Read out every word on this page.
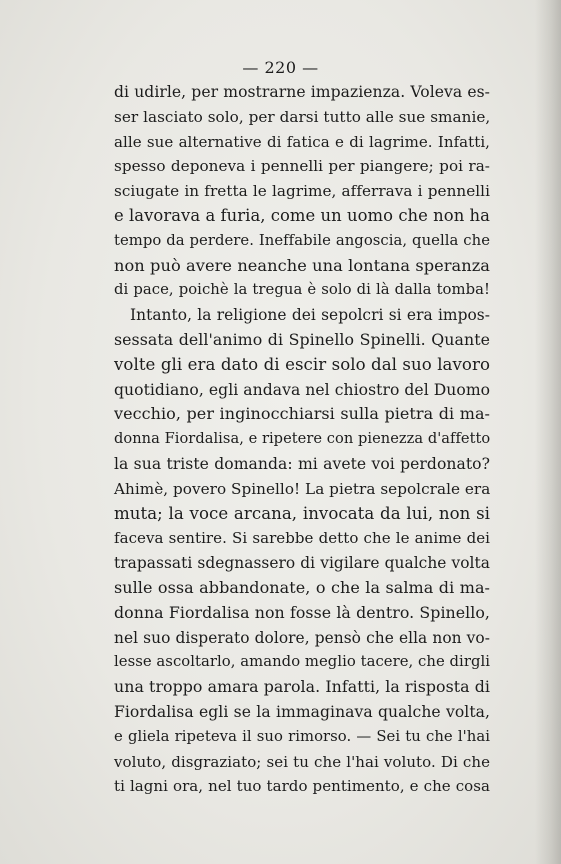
— 220 —
di udirle, per mostrarne impazienza. Voleva es-
ser lasciato solo, per darsi tutto alle sue smanie,
alle sue alternative di fatica e di lagrime. Infatti,
spesso deponeva i pennelli per piangere; poi ra-
sciugate in fretta le lagrime, afferrava i pennelli
e lavorava a furia, come un uomo che non ha
tempo da perdere. Ineffabile angoscia, quella che
non può avere neanche una lontana speranza
di pace, poichè la tregua è solo di là dalla tomba!
Intanto, la religione dei sepolcri si era impos-
sessata dell'animo di Spinello Spinelli. Quante
volte gli era dato di escir solo dal suo lavoro
quotidiano, egli andava nel chiostro del Duomo
vecchio, per inginocchiarsi sulla pietra di ma-
donna Fiordalisa, e ripetere con pienezza d'affetto
la sua triste domanda: mi avete voi perdonato?
Ahimè, povero Spinello! La pietra sepolcrale era
muta; la voce arcana, invocata da lui, non si
faceva sentire. Si sarebbe detto che le anime dei
trapassati sdegnassero di vigilare qualche volta
sulle ossa abbandonate, o che la salma di ma-
donna Fiordalisa non fosse là dentro. Spinello,
nel suo disperato dolore, pensò che ella non vo-
lesse ascoltarlo, amando meglio tacere, che dirgli
una troppo amara parola. Infatti, la risposta di
Fiordalisa egli se la immaginava qualche volta,
e gliela ripeteva il suo rimorso. — Sei tu che l'hai
voluto, disgraziato; sei tu che l'hai voluto. Di che
ti lagni ora, nel tuo tardo pentimento, e che cosa
